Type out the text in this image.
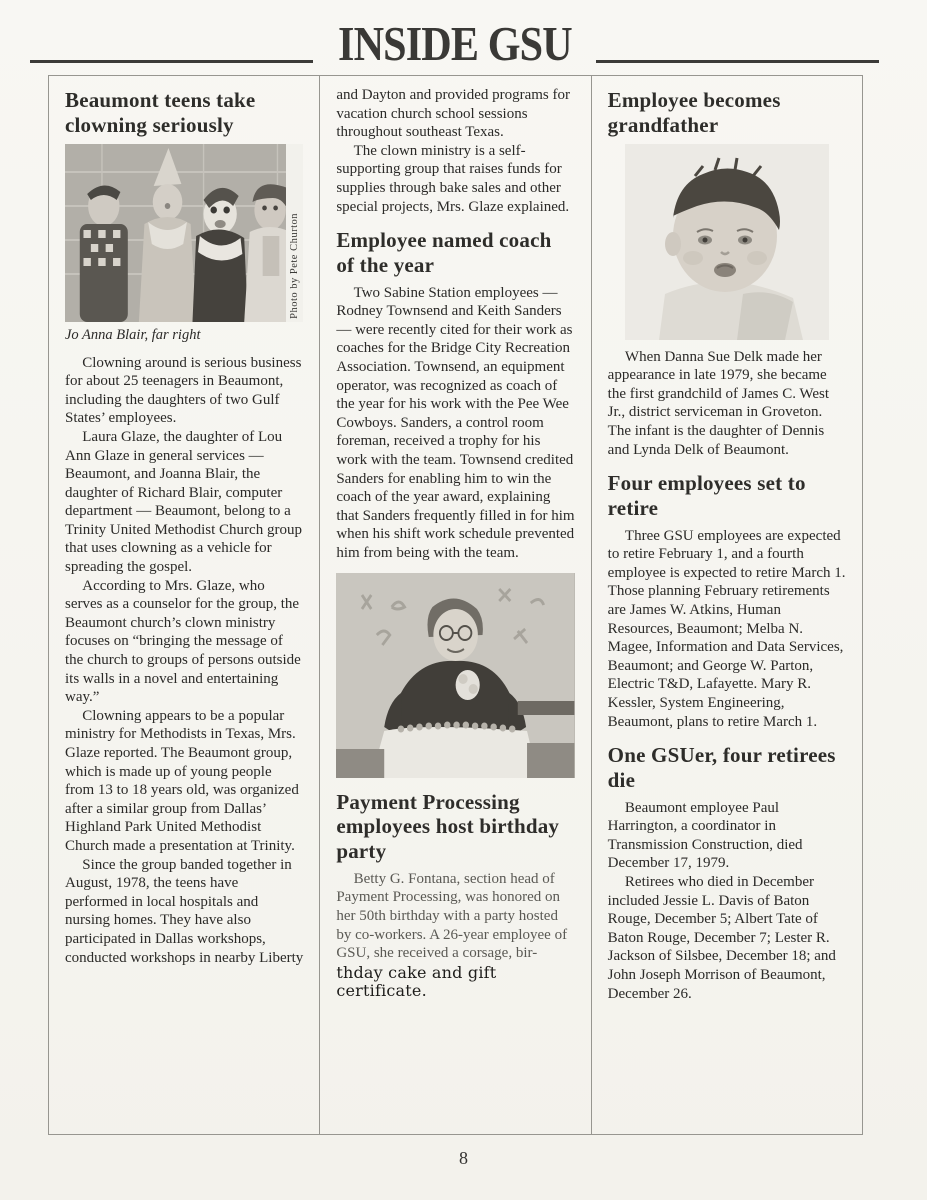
INSIDE GSU
Beaumont teens take clowning seriously
Photo by Pete Churton
Jo Anna Blair, far right

Clowning around is serious business for about 25 teenagers in Beaumont, including the daughters of two Gulf States’ employees.

Laura Glaze, the daughter of Lou Ann Glaze in general services — Beaumont, and Joanna Blair, the daughter of Richard Blair, computer department — Beaumont, belong to a Trinity United Methodist Church group that uses clowning as a vehicle for spreading the gospel.

According to Mrs. Glaze, who serves as a counselor for the group, the Beaumont church’s clown ministry focuses on “bringing the message of the church to groups of persons outside its walls in a novel and entertaining way.”

Clowning appears to be a popular ministry for Methodists in Texas, Mrs. Glaze reported. The Beaumont group, which is made up of young people from 13 to 18 years old, was organized after a similar group from Dallas’ Highland Park United Methodist Church made a presentation at Trinity.

Since the group banded together in August, 1978, the teens have performed in local hospitals and nursing homes. They have also participated in Dallas workshops, conducted workshops in nearby Liberty

and Dayton and provided programs for vacation church school sessions throughout southeast Texas.

The clown ministry is a self-supporting group that raises funds for supplies through bake sales and other special projects, Mrs. Glaze explained.

Employee named coach of the year

Two Sabine Station employees — Rodney Townsend and Keith Sanders — were recently cited for their work as coaches for the Bridge City Recreation Association. Townsend, an equipment operator, was recognized as coach of the year for his work with the Pee Wee Cowboys. Sanders, a control room foreman, received a trophy for his work with the team. Townsend credited Sanders for enabling him to win the coach of the year award, explaining that Sanders frequently filled in for him when his shift work schedule prevented him from being with the team.

Payment Processing employees host birthday party

Betty G. Fontana, section head of Payment Processing, was honored on her 50th birthday with a party hosted by co-workers. A 26-year employee of GSU, she received a corsage, bir-
thday cake and gift certificate.

Employee becomes grandfather

When Danna Sue Delk made her appearance in late 1979, she became the first grandchild of James C. West Jr., district serviceman in Groveton. The infant is the daughter of Dennis and Lynda Delk of Beaumont.

Four employees set to retire

Three GSU employees are expected to retire February 1, and a fourth employee is expected to retire March 1. Those planning February retirements are James W. Atkins, Human Resources, Beaumont; Melba N. Magee, Information and Data Services, Beaumont; and George W. Parton, Electric T&D, Lafayette. Mary R. Kessler, System Engineering, Beaumont, plans to retire March 1.

One GSUer, four retirees die

Beaumont employee Paul Harrington, a coordinator in Transmission Construction, died December 17, 1979.

Retirees who died in December included Jessie L. Davis of Baton Rouge, December 5; Albert Tate of Baton Rouge, December 7; Lester R. Jackson of Silsbee, December 18; and John Joseph Morrison of Beaumont, December 26.

8
